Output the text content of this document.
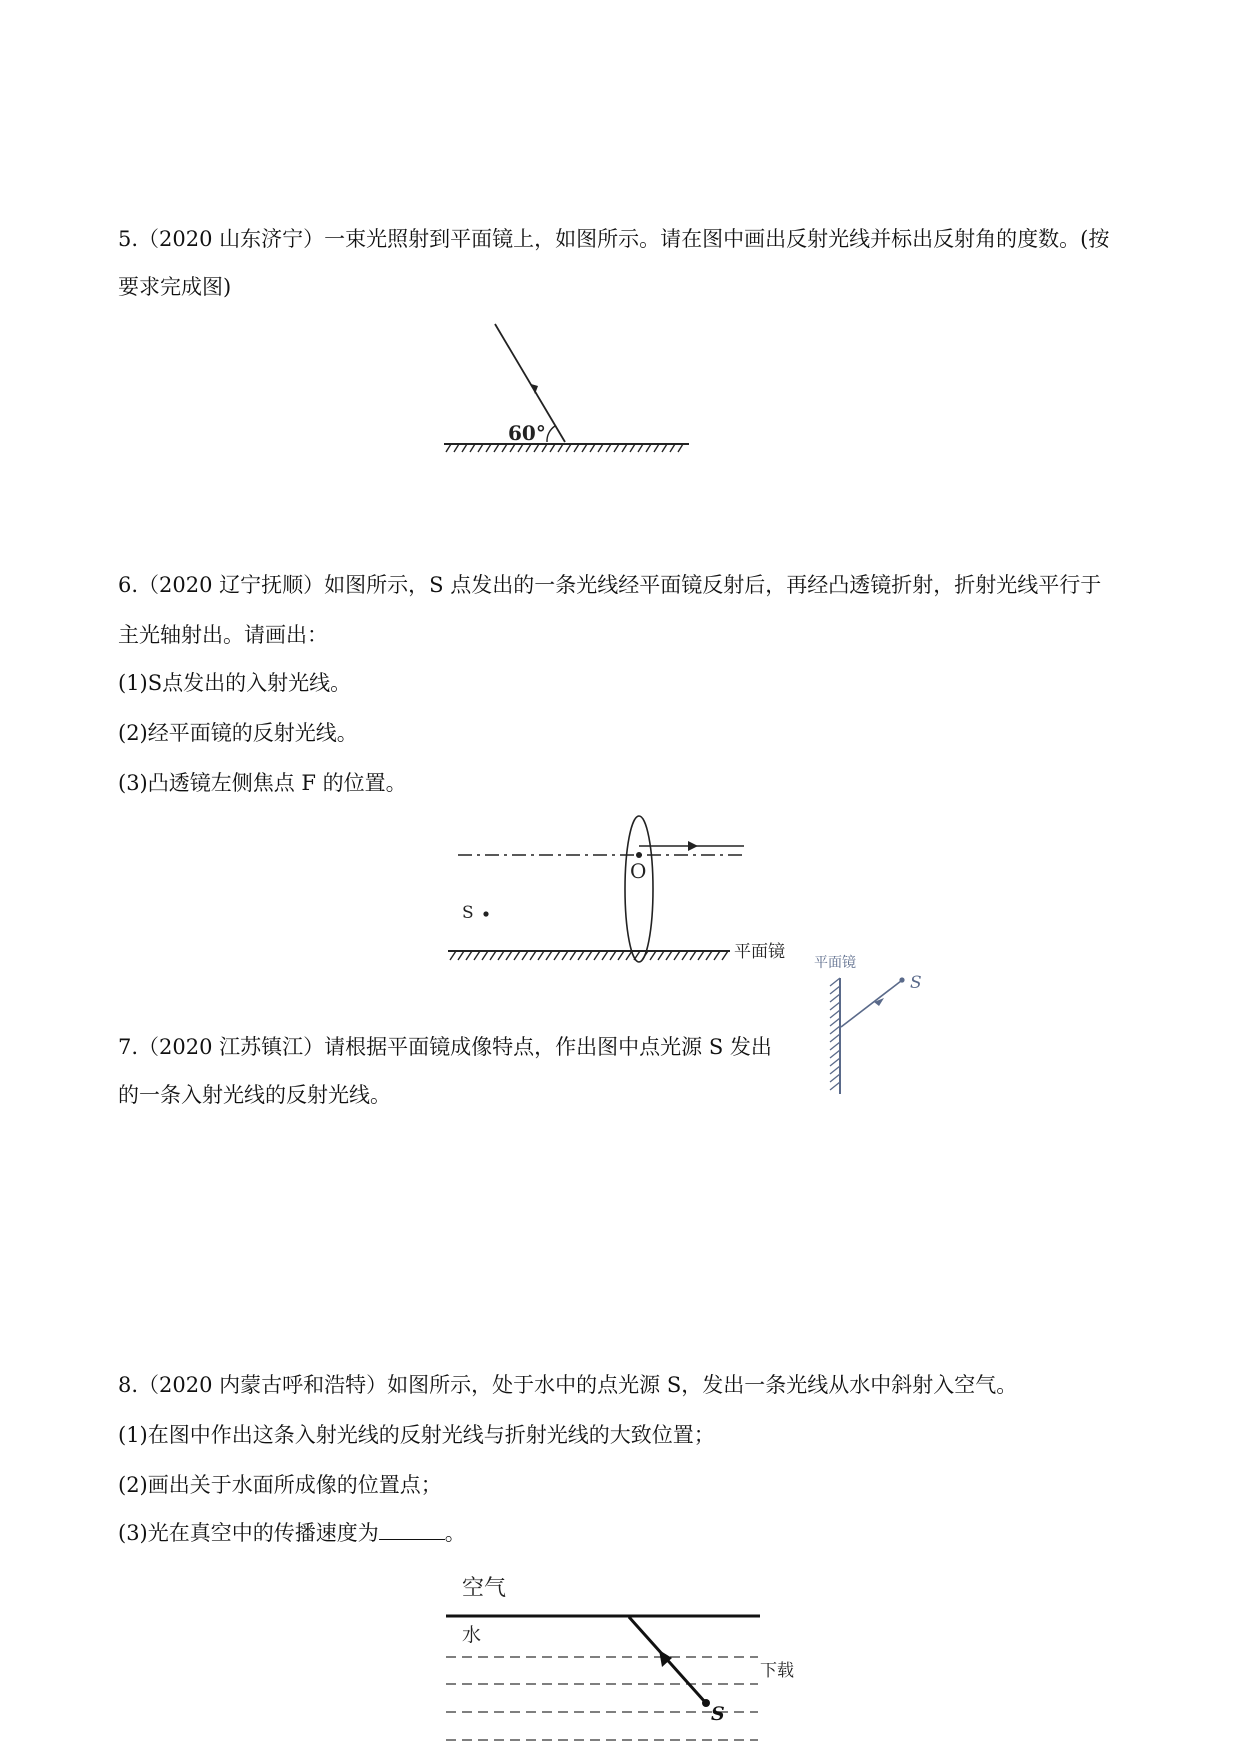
5.（2020 山东济宁）一束光照射到平面镜上，如图所示。请在图中画出反射光线并标出反射角的度数。(按
要求完成图)
60°
6.（2020 辽宁抚顺）如图所示，S 点发出的一条光线经平面镜反射后，再经凸透镜折射，折射光线平行于
主光轴射出。请画出：
(1)S点发出的入射光线。
(2)经平面镜的反射光线。
(3)凸透镜左侧焦点 F 的位置。
O
S
平面镜
7.（2020 江苏镇江）请根据平面镜成像特点，作出图中点光源 S 发出
的一条入射光线的反射光线。
平面镜
S
8.（2020 内蒙古呼和浩特）如图所示，处于水中的点光源 S，发出一条光线从水中斜射入空气。
(1)在图中作出这条入射光线的反射光线与折射光线的大致位置；
(2)画出关于水面所成像的位置点；
(3)光在真空中的传播速度为	。
空气
水
S
下载
